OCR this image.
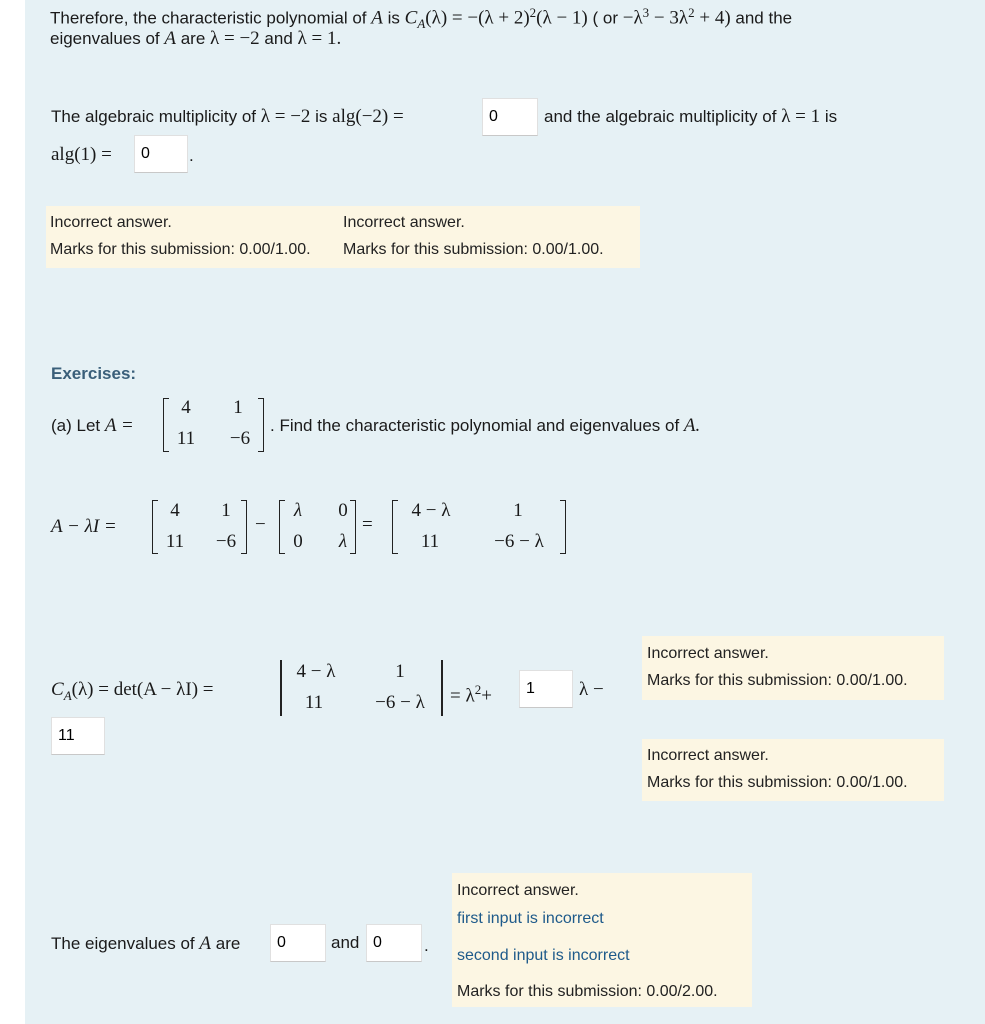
Therefore, the characteristic polynomial of A is $C_A(\lambda) = -(\lambda + 2)^2(\lambda - 1)$ ( or $-\lambda^3 - 3\lambda^2 + 4$) and the
eigenvalues of A are λ = −2 and λ = 1.
The algebraic multiplicity of λ = −2 is alg(−2) =	0	and the algebraic multiplicity of λ = 1 is
alg(1) =	0	.
Incorrect answer.	Incorrect answer.
Marks for this submission: 0.00/1.00. Marks for this submission: 0.00/1.00.
Exercises:
(a) Let A =
4	1
11	−6
. Find the characteristic polynomial and eigenvalues of A.
A − λI =
4	1
11	−6
−
λ	0
0	λ
=
4 − λ	1
11	−6 − λ
$C_A(\lambda) = \det(A - \lambda I)$ =
4 − λ	1
11	−6 − λ	= $\lambda^2+$	1	λ −
11
Incorrect answer.
Marks for this submission: 0.00/1.00.
Incorrect answer.
Marks for this submission: 0.00/1.00.
The eigenvalues of A are	0	and 0	.
Incorrect answer.
first input is incorrect
second input is incorrect
Marks for this submission: 0.00/2.00.
